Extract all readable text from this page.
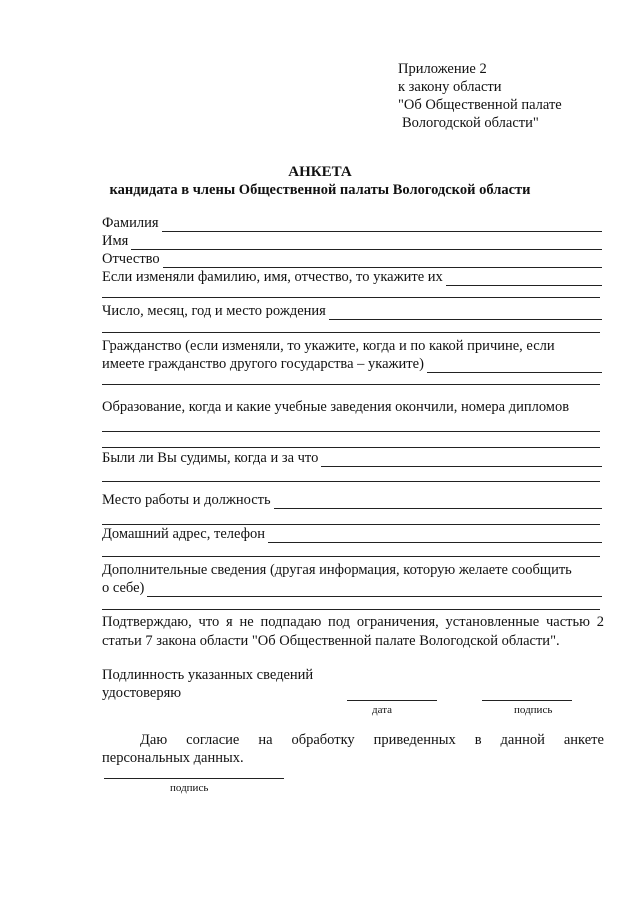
Приложение 2
к закону области
"Об Общественной палате
Вологодской области"
АНКЕТА
кандидата в члены Общественной палаты Вологодской области
Фамилия
Имя
Отчество
Если изменяли фамилию, имя, отчество, то укажите их
Число, месяц, год и место рождения
Гражданство (если изменяли, то укажите, когда и по какой причине, если
имеете гражданство другого государства – укажите)
Образование, когда и какие учебные заведения окончили, номера дипломов
Были ли Вы судимы, когда и за что
Место работы и должность
Домашний адрес, телефон
Дополнительные сведения (другая информация, которую желаете сообщить
о себе)
Подтверждаю, что я не подпадаю под ограничения, установленные частью 2 статьи 7 закона области "Об Общественной палате Вологодской области".
Подлинность указанных сведений
удостоверяю
дата	подпись
Даю согласие на обработку приведенных в данной анкете
персональных данных.
подпись
